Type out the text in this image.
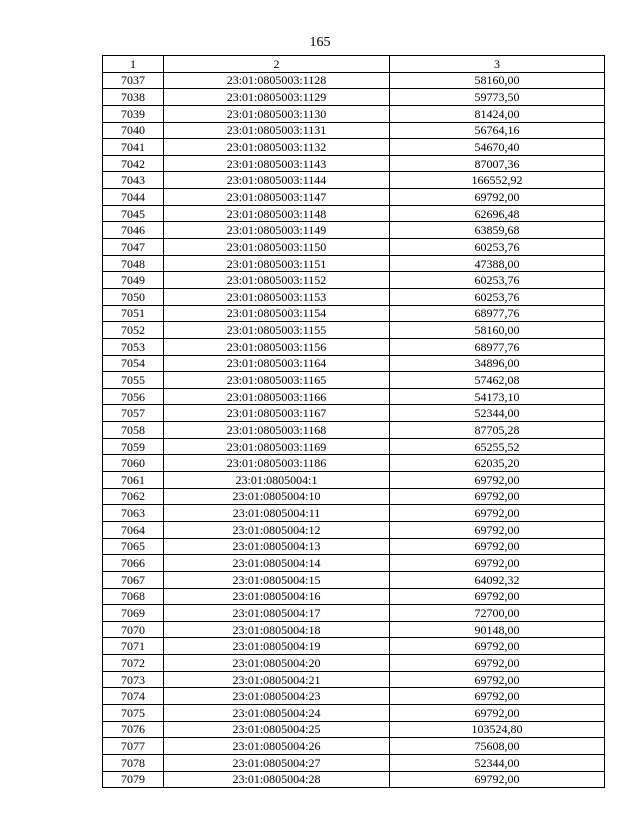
165
1	2	3
7037	23:01:0805003:1128	58160,00
7038	23:01:0805003:1129	59773,50
7039	23:01:0805003:1130	81424,00
7040	23:01:0805003:1131	56764,16
7041	23:01:0805003:1132	54670,40
7042	23:01:0805003:1143	87007,36
7043	23:01:0805003:1144	166552,92
7044	23:01:0805003:1147	69792,00
7045	23:01:0805003:1148	62696,48
7046	23:01:0805003:1149	63859,68
7047	23:01:0805003:1150	60253,76
7048	23:01:0805003:1151	47388,00
7049	23:01:0805003:1152	60253,76
7050	23:01:0805003:1153	60253,76
7051	23:01:0805003:1154	68977,76
7052	23:01:0805003:1155	58160,00
7053	23:01:0805003:1156	68977,76
7054	23:01:0805003:1164	34896,00
7055	23:01:0805003:1165	57462,08
7056	23:01:0805003:1166	54173,10
7057	23:01:0805003:1167	52344,00
7058	23:01:0805003:1168	87705,28
7059	23:01:0805003:1169	65255,52
7060	23:01:0805003:1186	62035,20
7061	23:01:0805004:1	69792,00
7062	23:01:0805004:10	69792,00
7063	23:01:0805004:11	69792,00
7064	23:01:0805004:12	69792,00
7065	23:01:0805004:13	69792,00
7066	23:01:0805004:14	69792,00
7067	23:01:0805004:15	64092,32
7068	23:01:0805004:16	69792,00
7069	23:01:0805004:17	72700,00
7070	23:01:0805004:18	90148,00
7071	23:01:0805004:19	69792,00
7072	23:01:0805004:20	69792,00
7073	23:01:0805004:21	69792,00
7074	23:01:0805004:23	69792,00
7075	23:01:0805004:24	69792,00
7076	23:01:0805004:25	103524,80
7077	23:01:0805004:26	75608,00
7078	23:01:0805004:27	52344,00
7079	23:01:0805004:28	69792,00
